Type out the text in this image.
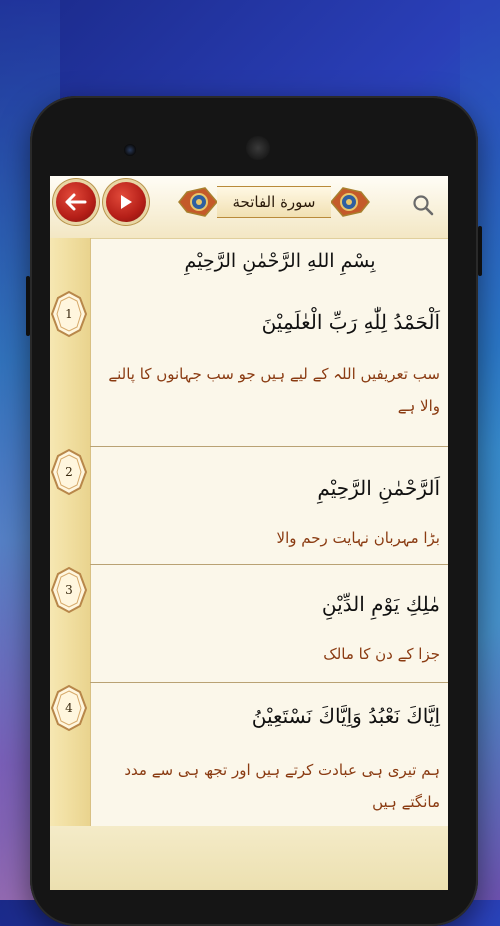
سورة الفاتحة
بِسْمِ اللهِ الرَّحْمٰنِ الرَّحِيْمِ
1	اَلْحَمْدُ لِلّٰهِ رَبِّ الْعٰلَمِيْنَ
سب تعریفیں اللہ کے لیے ہیں جو سب جہانوں کا پالنے والا ہے
2
اَلرَّحْمٰنِ الرَّحِيْمِ
بڑا مہربان نہایت رحم والا
3
مٰلِكِ يَوْمِ الدِّيْنِ
جزا کے دن کا مالک
4	اِيَّاكَ نَعْبُدُ وَاِيَّاكَ نَسْتَعِيْنُ
ہم تیری ہی عبادت کرتے ہیں اور تجھ ہی سے مدد مانگتے ہیں
